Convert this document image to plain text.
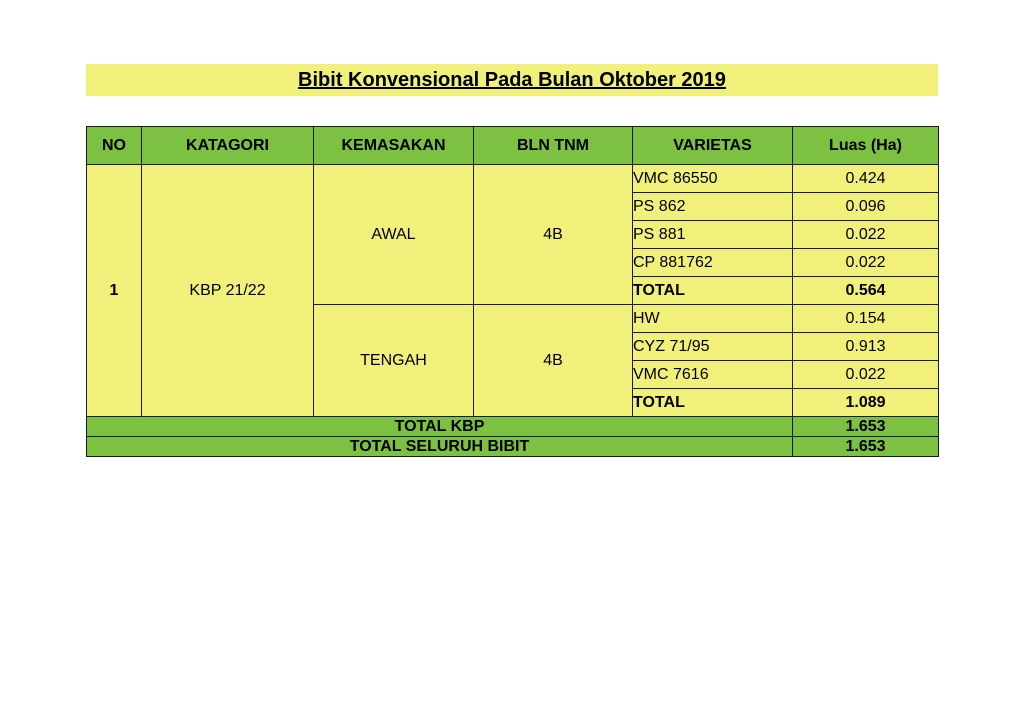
Bibit Konvensional Pada Bulan Oktober 2019
NO	KATAGORI	KEMASAKAN	BLN TNM	VARIETAS	Luas (Ha)
1	KBP 21/22	AWAL	4B	VMC 86550	0.424
				PS 862	0.096
				PS 881	0.022
				CP 881762	0.022
				TOTAL	0.564
		TENGAH	4B	HW	0.154
				CYZ 71/95	0.913
				VMC 7616	0.022
				TOTAL	1.089
TOTAL KBP					1.653
TOTAL SELURUH BIBIT					1.653
